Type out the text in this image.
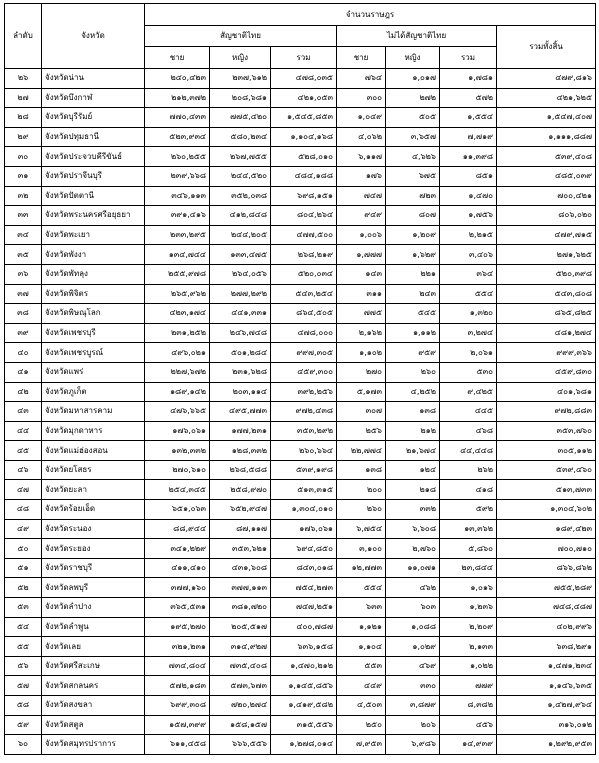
ลำดับ	จังหวัด	จำนวนราษฎร						
		สัญชาติไทย			ไม่ได้สัญชาติไทย			รวมทั้งสิ้น
		ชาย	หญิง	รวม	ชาย	หญิง	รวม	
๒๖	จังหวัดน่าน	๒๔๐,๔๒๓	๒๓๗,๖๑๒	๔๗๘,๐๓๕	๗๖๔	๑,๐๑๗	๑,๗๘๑	๔๗๙,๘๑๖
๒๗	จังหวัดบึงกาฬ	๒๑๒,๓๗๒	๒๐๘,๖๘๑	๔๒๑,๐๕๓	๓๐๐	๒๗๒	๕๗๒	๔๒๑,๖๒๕
๒๘	จังหวัดบุรีรัมย์	๗๗๐,๔๓๓	๗๗๕,๔๒๐	๑,๕๔๕,๘๕๓	๑,๐๔๙	๕๐๕	๑,๕๕๔	๑,๕๔๗,๔๐๗
๒๙	จังหวัดปทุมธานี	๕๒๓,๙๓๔	๕๘๐,๒๓๔	๑,๑๐๔,๑๖๘	๔,๐๖๒	๓,๖๕๗	๗,๗๑๙	๑,๑๑๑,๘๘๗
๓๐	จังหวัดประจวบคีรีขันธ์	๒๖๐,๒๕๕	๒๖๗,๗๕๕	๕๒๘,๐๑๐	๖,๑๑๗	๔,๖๒๖	๑๑,๓๙๘	๕๓๙,๔๐๘
๓๑	จังหวัดปราจีนบุรี	๒๓๙,๖๖๘	๒๔๔,๕๒๐	๔๘๔,๑๘๘	๑๗๖	๖๗๕	๘๕๑	๔๘๕,๐๓๙
๓๒	จังหวัดปัตตานี	๓๔๖,๑๑๓	๓๕๒,๐๓๘	๖๙๘,๑๕๑	๗๔๗	๗๒๓	๑,๔๗๐	๗๐๐,๔๒๑
๓๓	จังหวัดพระนครศรีอยุธยา	๓๙๑,๔๑๖	๔๑๒,๘๔๘	๘๐๔,๒๖๔	๙๔๙	๘๐๗	๑,๗๕๖	๘๐๖,๐๒๐
๓๔	จังหวัดพะเยา	๒๓๓,๒๙๕	๒๔๔,๒๐๕	๔๗๗,๕๐๐	๑,๐๐๖	๑,๒๐๙	๒,๒๑๕	๔๗๙,๗๑๕
๓๕	จังหวัดพังงา	๑๓๔,๗๔๔	๑๓๓,๔๗๕	๒๖๘,๒๑๙	๑,๗๗๗	๑,๖๒๙	๓,๔๐๖	๒๗๑,๖๒๕
๓๖	จังหวัดพัทลุง	๒๕๕,๙๗๘	๒๖๔,๐๕๖	๕๒๐,๐๓๔	๑๔๓	๒๒๑	๓๖๔	๕๒๐,๓๙๘
๓๗	จังหวัดพิจิตร	๒๖๕,๙๖๒	๒๗๗,๒๙๒	๕๔๓,๒๕๔	๓๑๑	๒๔๓	๕๕๔	๕๔๓,๘๐๘
๓๘	จังหวัดพิษณุโลก	๔๒๓,๑๗๔	๔๔๑,๓๓๑	๘๖๔,๕๐๕	๗๗๕	๕๔๕	๑,๓๒๐	๘๖๕,๘๒๕
๓๙	จังหวัดเพชรบุรี	๒๓๑,๒๕๒	๒๔๖,๗๔๘	๔๗๘,๐๐๐	๒,๑๖๒	๑,๑๑๒	๓,๒๗๔	๔๘๑,๒๗๔
๔๐	จังหวัดเพชรบูรณ์	๔๙๖,๐๒๑	๕๐๑,๒๘๔	๙๙๗,๓๐๕	๑,๑๐๒	๙๕๙	๒,๐๖๑	๙๙๙,๓๖๖
๔๑	จังหวัดแพร่	๒๒๗,๖๗๒	๒๓๑,๖๒๘	๔๕๙,๓๐๐	๒๗๐	๒๖๐	๕๓๐	๔๕๙,๘๓๐
๔๒	จังหวัดภูเก็ต	๑๘๙,๑๔๒	๒๐๓,๑๑๔	๓๙๒,๒๕๖	๕,๑๗๓	๔,๒๕๒	๙,๔๒๕	๔๐๑,๖๘๑
๔๓	จังหวัดมหาสารคาม	๔๗๖,๖๖๕	๔๙๕,๗๗๓	๙๗๒,๔๓๘	๓๐๗	๑๓๘	๔๔๕	๙๗๒,๘๘๓
๔๔	จังหวัดมุกดาหาร	๑๗๖,๐๖๑	๑๗๗,๒๓๑	๓๕๓,๒๙๒	๒๕๖	๒๑๒	๔๖๘	๓๕๓,๗๖๐
๔๕	จังหวัดแม่ฮ่องสอน	๑๓๒,๓๓๒	๑๒๘,๓๓๒	๒๖๐,๖๖๔	๒๒,๗๗๔	๒๑,๖๗๔	๔๔,๔๔๘	๓๐๕,๑๑๒
๔๖	จังหวัดยโสธร	๒๗๐,๖๑๐	๒๖๘,๕๘๘	๕๓๙,๑๙๘	๑๓๘	๑๒๔	๒๖๒	๕๓๙,๔๖๐
๔๗	จังหวัดยะลา	๒๕๔,๓๔๕	๒๕๘,๙๗๐	๕๑๓,๓๑๕	๒๐๐	๒๑๘	๔๑๘	๕๑๓,๗๓๓
๔๘	จังหวัดร้อยเอ็ด	๖๕๑,๐๖๓	๖๕๒,๙๔๗	๑,๓๐๔,๐๑๐	๒๖๐	๓๓๒	๕๙๒	๑,๓๐๔,๖๐๒
๔๙	จังหวัดระนอง	๘๘,๙๔๔	๘๗,๑๑๗	๑๗๖,๐๖๑	๖,๗๕๔	๖,๖๐๘	๑๓,๓๖๒	๑๘๙,๔๒๓
๕๐	จังหวัดระยอง	๓๔๑,๒๒๙	๓๕๓,๖๒๑	๖๙๔,๘๕๐	๓,๑๐๐	๒,๗๖๐	๕,๘๖๐	๗๐๐,๗๑๐
๕๑	จังหวัดราชบุรี	๔๑๑,๔๑๐	๔๓๑,๖๐๘	๘๔๓,๐๑๘	๑๒,๗๗๓	๑๑,๐๗๑	๒๓,๘๔๔	๘๖๖,๘๖๒
๕๒	จังหวัดลพบุรี	๓๗๗,๑๖๐	๓๗๗,๑๑๓	๗๕๔,๒๗๓	๕๕๔	๔๖๒	๑,๐๑๖	๗๕๕,๒๘๙
๕๓	จังหวัดลำปาง	๓๖๕,๕๓๑	๓๘๑,๗๒๐	๗๔๗,๒๕๑	๖๓๓	๖๐๓	๑,๒๓๖	๗๔๘,๔๘๗
๕๔	จังหวัดลำพูน	๑๙๕,๒๗๐	๒๐๕,๕๑๗	๔๐๐,๗๘๗	๑,๑๒๑	๑,๐๘๘	๒,๒๐๙	๔๐๒,๙๙๖
๕๕	จังหวัดเลย	๓๒๑,๒๓๑	๓๑๔,๙๒๗	๖๓๖,๑๕๘	๑,๑๐๔	๑,๐๒๙	๒,๑๓๓	๖๓๘,๒๙๑
๕๖	จังหวัดศรีสะเกษ	๗๓๔,๘๐๔	๗๓๕,๔๐๘	๑,๔๗๐,๒๑๒	๕๕๓	๔๖๙	๑,๐๒๒	๑,๔๗๑,๒๓๔
๕๗	จังหวัดสกลนคร	๕๗๒,๑๘๓	๕๗๓,๖๗๓	๑,๑๔๕,๘๕๖	๔๔๙	๓๓๐	๗๗๙	๑,๑๔๖,๖๓๕
๕๘	จังหวัดสงขลา	๖๙๙,๓๐๘	๗๒๐,๒๗๔	๑,๔๑๙,๕๘๒	๔,๕๐๓	๓,๘๗๙	๘,๓๘๒	๑,๔๒๗,๙๖๔
๕๙	จังหวัดสตูล	๑๕๗,๓๙๙	๑๕๘,๑๕๗	๓๑๕,๕๕๖	๒๕๐	๒๐๖	๔๕๖	๓๑๖,๐๑๒
๖๐	จังหวัดสมุทรปราการ	๖๑๑,๔๕๘	๖๖๖,๕๕๖	๑,๒๗๘,๐๑๔	๗,๙๕๓	๖,๙๘๖	๑๔,๙๓๙	๑,๒๙๒,๙๕๓
